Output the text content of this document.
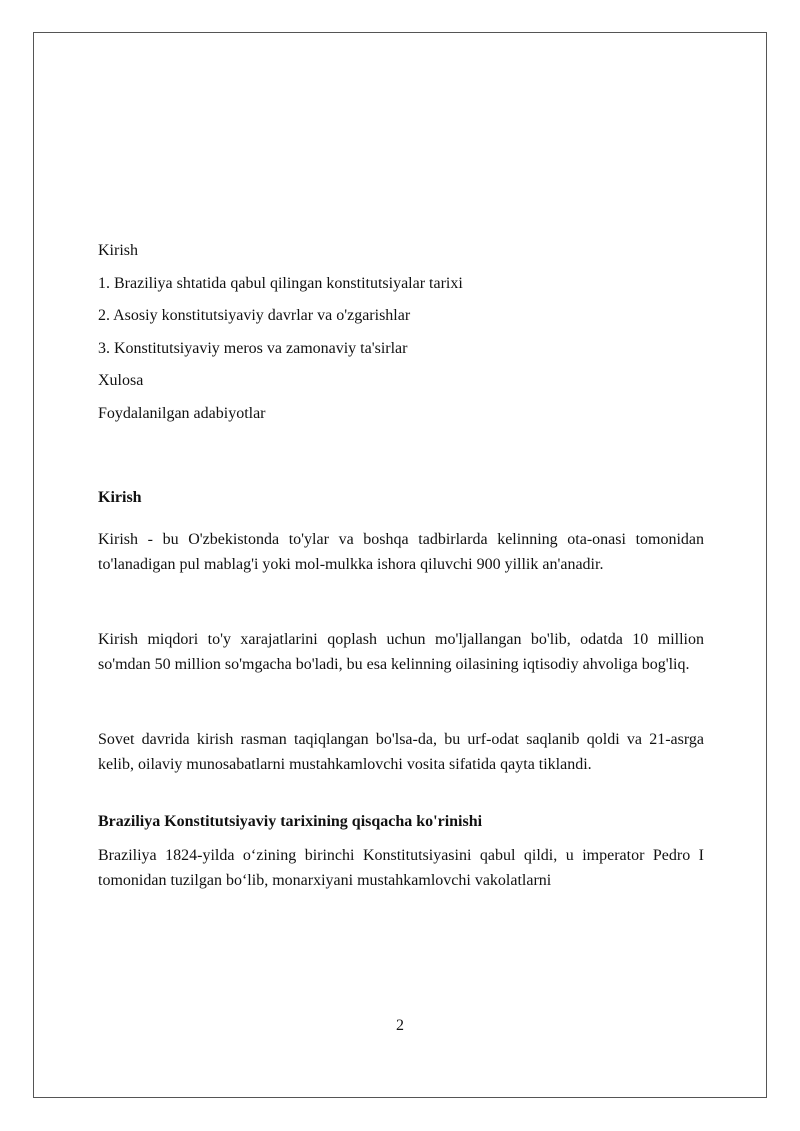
Kirish
1. Braziliya shtatida qabul qilingan konstitutsiyalar tarixi
2. Asosiy konstitutsiyaviy davrlar va o'zgarishlar
3. Konstitutsiyaviy meros va zamonaviy ta'sirlar
Xulosa
Foydalanilgan adabiyotlar
Kirish

Kirish - bu O'zbekistonda to'ylar va boshqa tadbirlarda kelinning ota-onasi tomonidan to'lanadigan pul mablag'i yoki mol-mulkka ishora qiluvchi 900 yillik an'anadir.

Kirish miqdori to'y xarajatlarini qoplash uchun mo'ljallangan bo'lib, odatda 10 million so'mdan 50 million so'mgacha bo'ladi, bu esa kelinning oilasining iqtisodiy ahvoliga bog'liq.

Sovet davrida kirish rasman taqiqlangan bo'lsa-da, bu urf-odat saqlanib qoldi va 21-asrga kelib, oilaviy munosabatlarni mustahkamlovchi vosita sifatida qayta tiklandi.

Braziliya Konstitutsiyaviy tarixining qisqacha ko'rinishi

Braziliya 1824-yilda o‘zining birinchi Konstitutsiyasini qabul qildi, u imperator Pedro I tomonidan tuzilgan bo‘lib, monarxiyani mustahkamlovchi vakolatlarni

2
